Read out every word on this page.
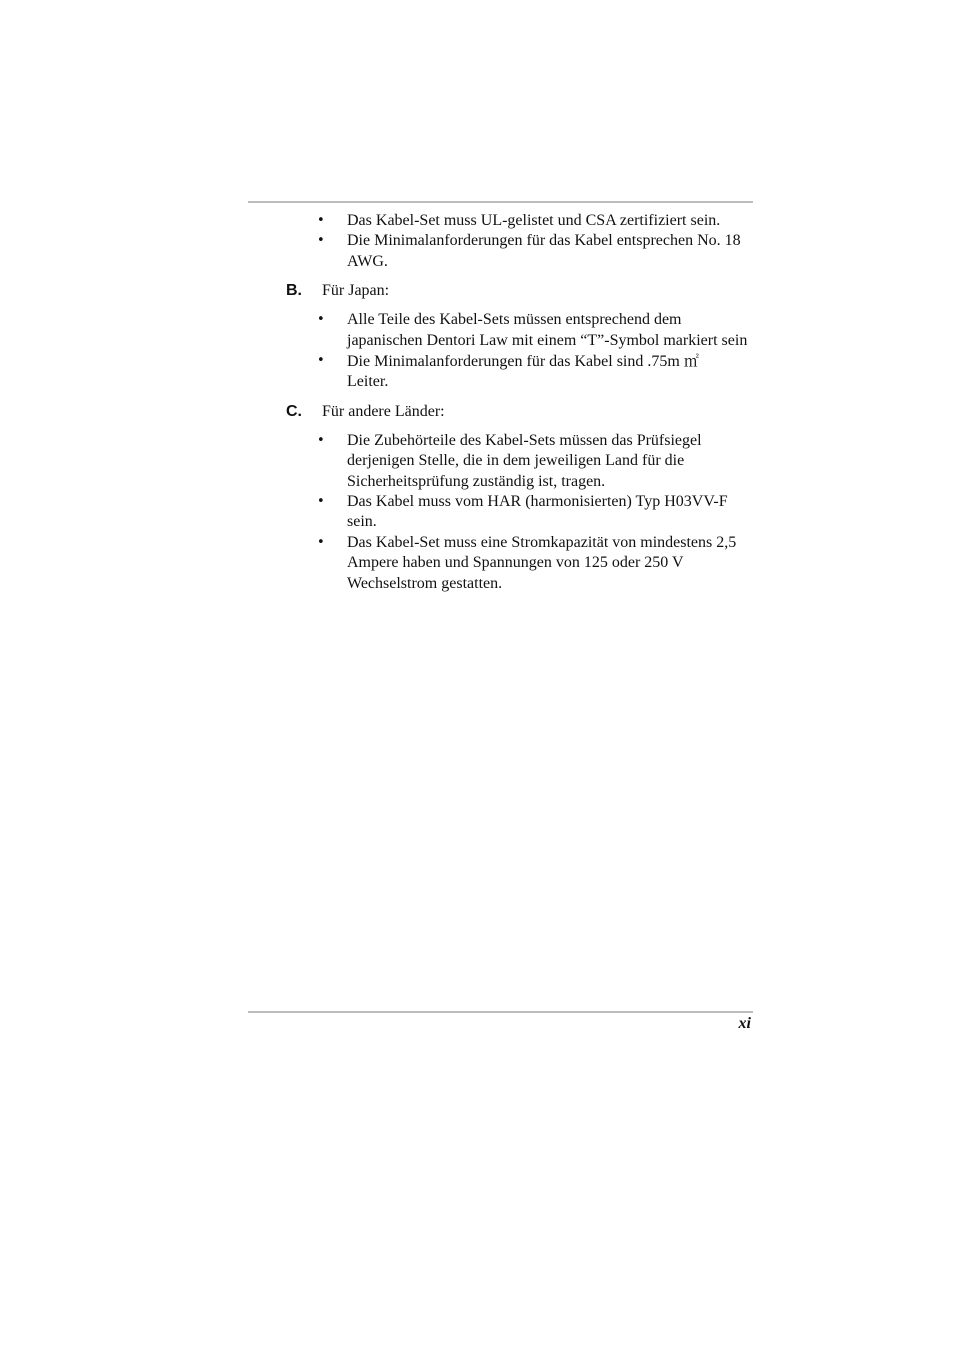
• Das Kabel-Set muss UL-gelistet und CSA zertifiziert sein.
• Die Minimalanforderungen für das Kabel entsprechen No. 18 AWG.
B. Für Japan:
• Alle Teile des Kabel-Sets müssen entsprechend dem japanischen Dentori Law mit einem “T”-Symbol markiert sein
• Die Minimalanforderungen für das Kabel sind .75m ㎡
Leiter.
C. Für andere Länder:
• Die Zubehörteile des Kabel-Sets müssen das Prüfsiegel derjenigen Stelle, die in dem jeweiligen Land für die Sicherheitsprüfung zuständig ist, tragen.
• Das Kabel muss vom HAR (harmonisierten) Typ H03VV-F sein.
• Das Kabel-Set muss eine Stromkapazität von mindestens 2,5 Ampere haben und Spannungen von 125 oder 250 V Wechselstrom gestatten.
xi
